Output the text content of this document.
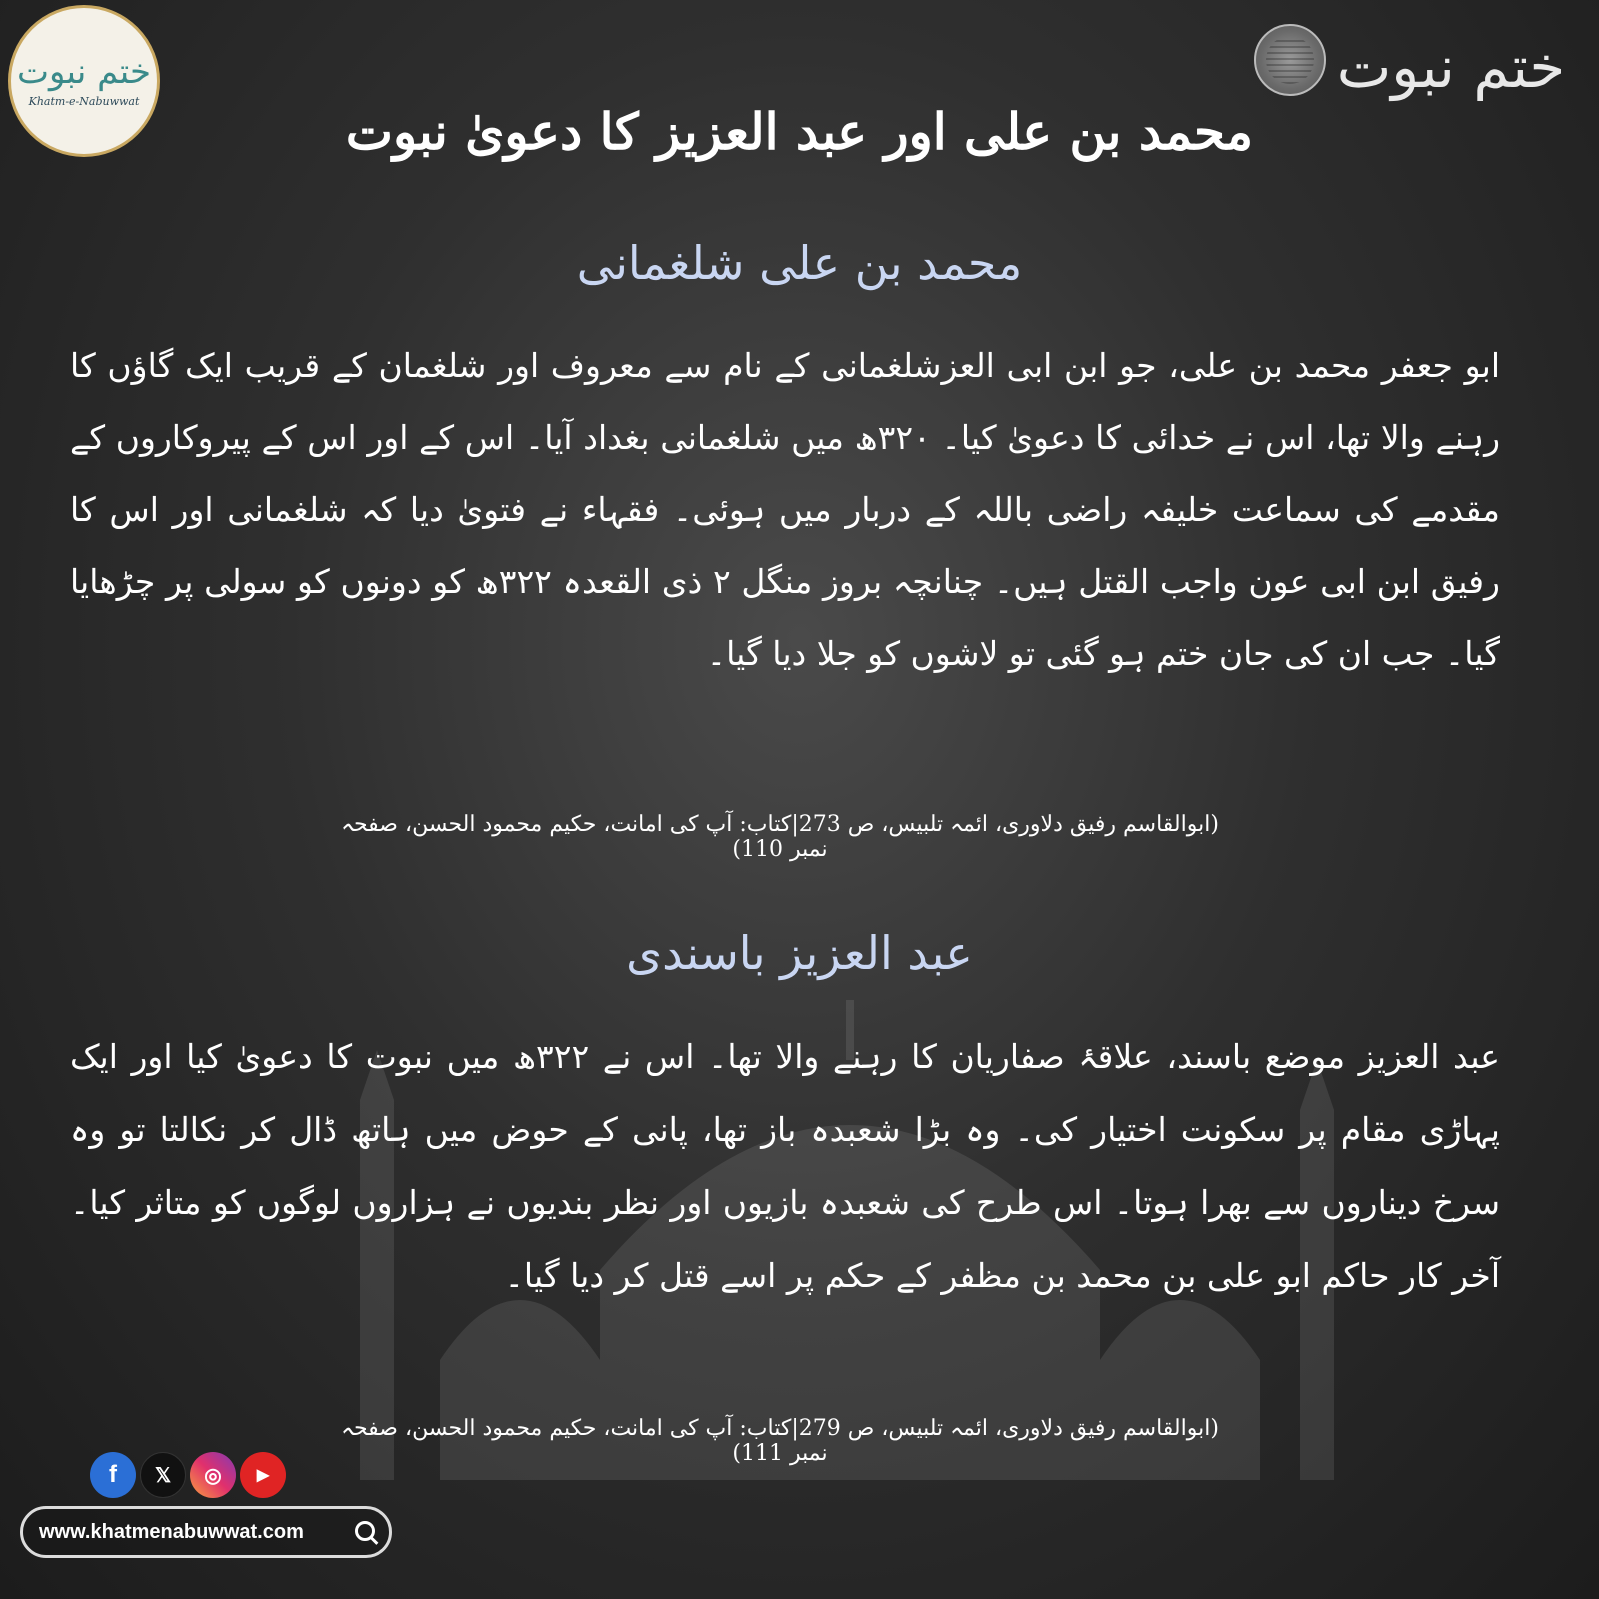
ختم نبوت
Khatm-e-Nabuwwat	ختم نبوت
محمد بن علی اور عبد العزیز کا دعویٰ نبوت
محمد بن علی شلغمانی
ابو جعفر محمد بن علی، جو ابن ابی العزشلغمانی کے نام سے معروف اور شلغمان کے قریب ایک گاؤں کا رہنے والا تھا، اس نے خدائی کا دعویٰ کیا۔ ۳۲۰ھ میں شلغمانی بغداد آیا۔ اس کے اور اس کے پیروکاروں کے مقدمے کی سماعت خلیفہ راضی باللہ کے دربار میں ہوئی۔ فقہاء نے فتویٰ دیا کہ شلغمانی اور اس کا رفیق ابن ابی عون واجب القتل ہیں۔ چنانچہ بروز منگل ۲ ذی القعدہ ۳۲۲ھ کو دونوں کو سولی پر چڑھایا گیا۔ جب ان کی جان ختم ہو گئی تو لاشوں کو جلا دیا گیا۔
(ابوالقاسم رفیق دلاوری، ائمہ تلبیس، ص 273|کتاب: آپ کی امانت، حکیم محمود الحسن، صفحہ نمبر 110)
عبد العزیز باسندی
عبد العزیز موضع باسند، علاقۂ صفاریان کا رہنے والا تھا۔ اس نے ۳۲۲ھ میں نبوت کا دعویٰ کیا اور ایک پہاڑی مقام پر سکونت اختیار کی۔ وہ بڑا شعبدہ باز تھا، پانی کے حوض میں ہاتھ ڈال کر نکالتا تو وہ سرخ دیناروں سے بھرا ہوتا۔ اس طرح کی شعبدہ بازیوں اور نظر بندیوں نے ہزاروں لوگوں کو متاثر کیا۔ آخر کار حاکم ابو علی بن محمد بن مظفر کے حکم پر اسے قتل کر دیا گیا۔
(ابوالقاسم رفیق دلاوری، ائمہ تلبیس، ص 279|کتاب: آپ کی امانت، حکیم محمود الحسن، صفحہ نمبر 111)
f	𝕏	◎	▶
www.khatmenabuwwat.com
